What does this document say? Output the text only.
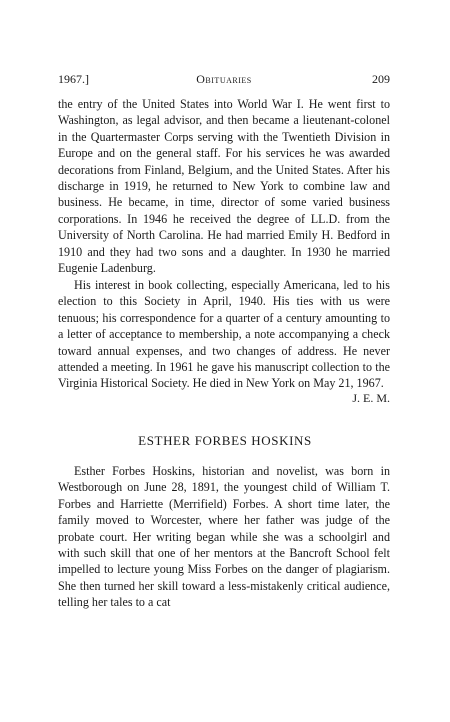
1967.]	Obituaries	209

the entry of the United States into World War I. He went first to Washington, as legal advisor, and then became a lieutenant-colonel in the Quartermaster Corps serving with the Twentieth Division in Europe and on the general staff. For his services he was awarded decorations from Finland, Belgium, and the United States. After his discharge in 1919, he returned to New York to combine law and business. He became, in time, director of some varied business corporations. In 1946 he received the degree of LL.D. from the University of North Carolina. He had married Emily H. Bedford in 1910 and they had two sons and a daughter. In 1930 he married Eugenie Ladenburg.

His interest in book collecting, especially Americana, led to his election to this Society in April, 1940. His ties with us were tenuous; his correspondence for a quarter of a century amounting to a letter of acceptance to membership, a note accompanying a check toward annual expenses, and two changes of address. He never attended a meeting. In 1961 he gave his manuscript collection to the Virginia Historical Society. He died in New York on May 21, 1967.

J. E. M.

ESTHER FORBES HOSKINS

Esther Forbes Hoskins, historian and novelist, was born in Westborough on June 28, 1891, the youngest child of William T. Forbes and Harriette (Merrifield) Forbes. A short time later, the family moved to Worcester, where her father was judge of the probate court. Her writing began while she was a schoolgirl and with such skill that one of her mentors at the Bancroft School felt impelled to lecture young Miss Forbes on the danger of plagiarism. She then turned her skill toward a less-mistakenly critical audience, telling her tales to a cat
